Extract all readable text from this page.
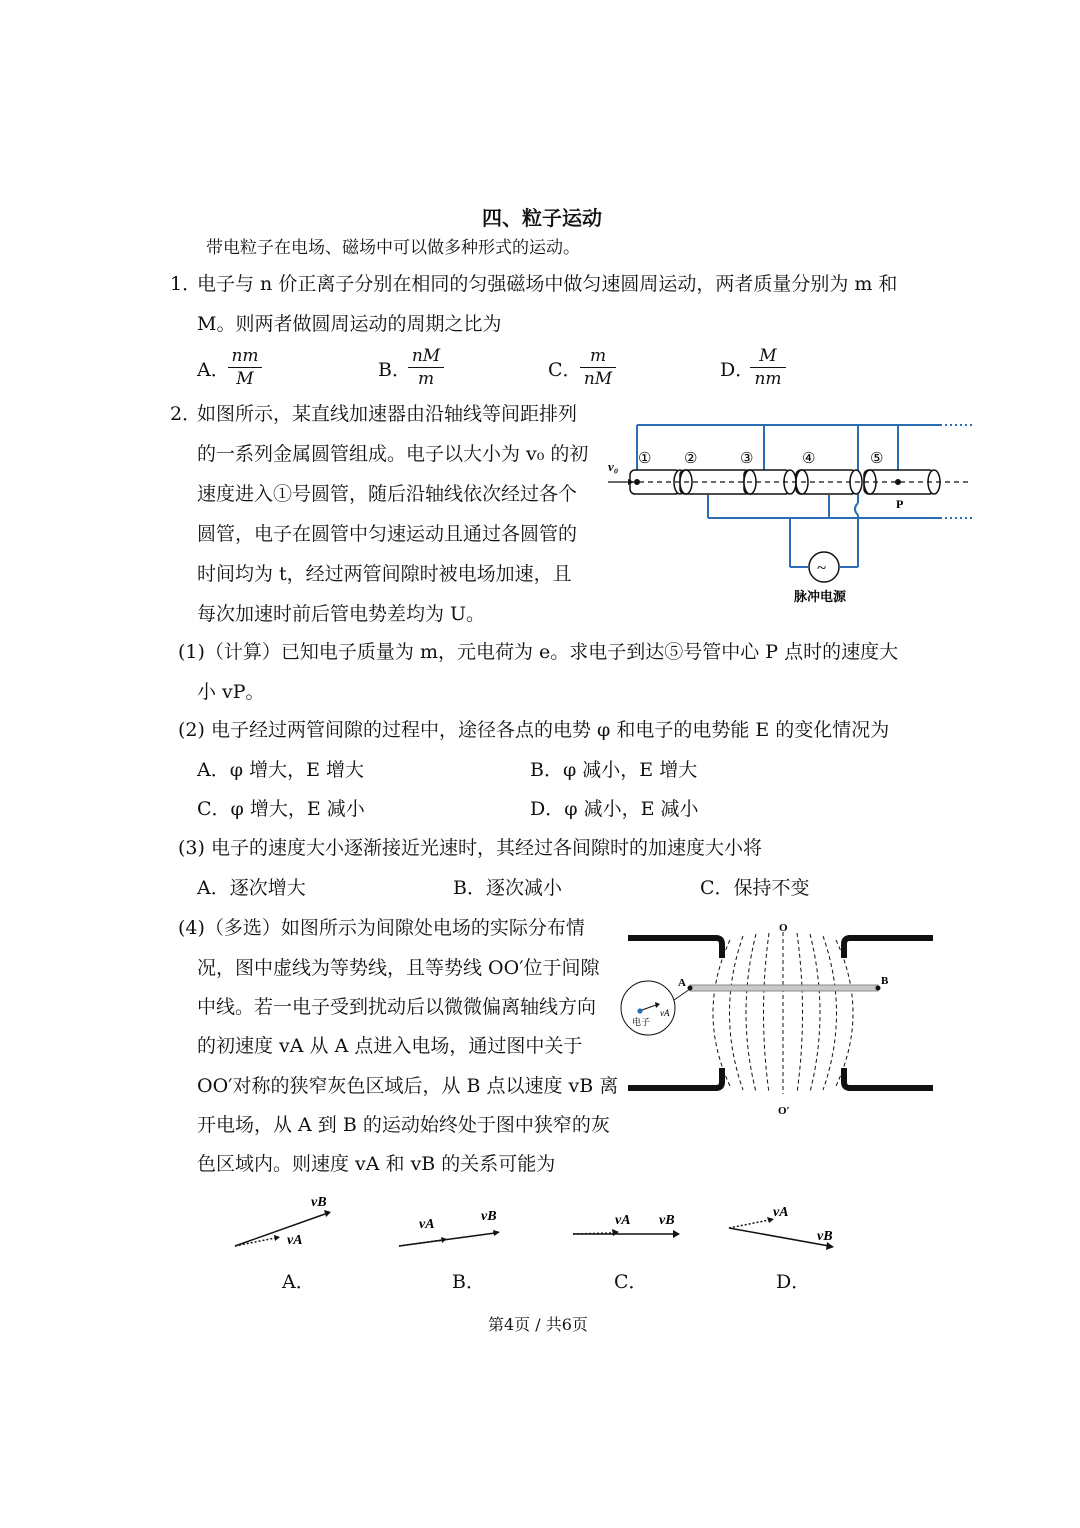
四、粒子运动
带电粒子在电场、磁场中可以做多种形式的运动。
1．
电子与 n 价正离子分别在相同的匀强磁场中做匀速圆周运动，两者质量分别为 m 和
M。则两者做圆周运动的周期之比为
A．
nm
M	B．
nM
m	C．
m
nM	D．
M
nm
2．
如图所示，某直线加速器由沿轴线等间距排列
的一系列金属圆管组成。电子以大小为 v₀ 的初
速度进入①号圆管，随后沿轴线依次经过各个
圆管，电子在圆管中匀速运动且通过各圆管的
时间均为 t，经过两管间隙时被电场加速，且
每次加速时前后管电势差均为 U。
v₀ ① ②	③	④	⑤
P
~
脉冲电源
(1)（计算）已知电子质量为 m，元电荷为 e。求电子到达⑤号管中心 P 点时的速度大
小 vP。
(2) 电子经过两管间隙的过程中，途径各点的电势 φ 和电子的电势能 E 的变化情况为
A．φ 增大，E 增大	B．φ 减小，E 增大
C．φ 增大，E 减小	D．φ 减小，E 减小
(3) 电子的速度大小逐渐接近光速时，其经过各间隙时的加速度大小将
A．逐次增大	B．逐次减小	C．保持不变
(4)（多选）如图所示为间隙处电场的实际分布情
况，图中虚线为等势线，且等势线 OO′位于间隙
中线。若一电子受到扰动后以微微偏离轴线方向
的初速度 vA 从 A 点进入电场，通过图中关于
OO′对称的狭窄灰色区域后，从 B 点以速度 vB 离
开电场，从 A 到 B 的运动始终处于图中狭窄的灰
色区域内。则速度 vA 和 vB 的关系可能为
电子
vA
O
O′
A	B
vB
vA
vA
vB	vA vB
vA
vB
A．	B．	C．	D．
第4页 / 共6页
